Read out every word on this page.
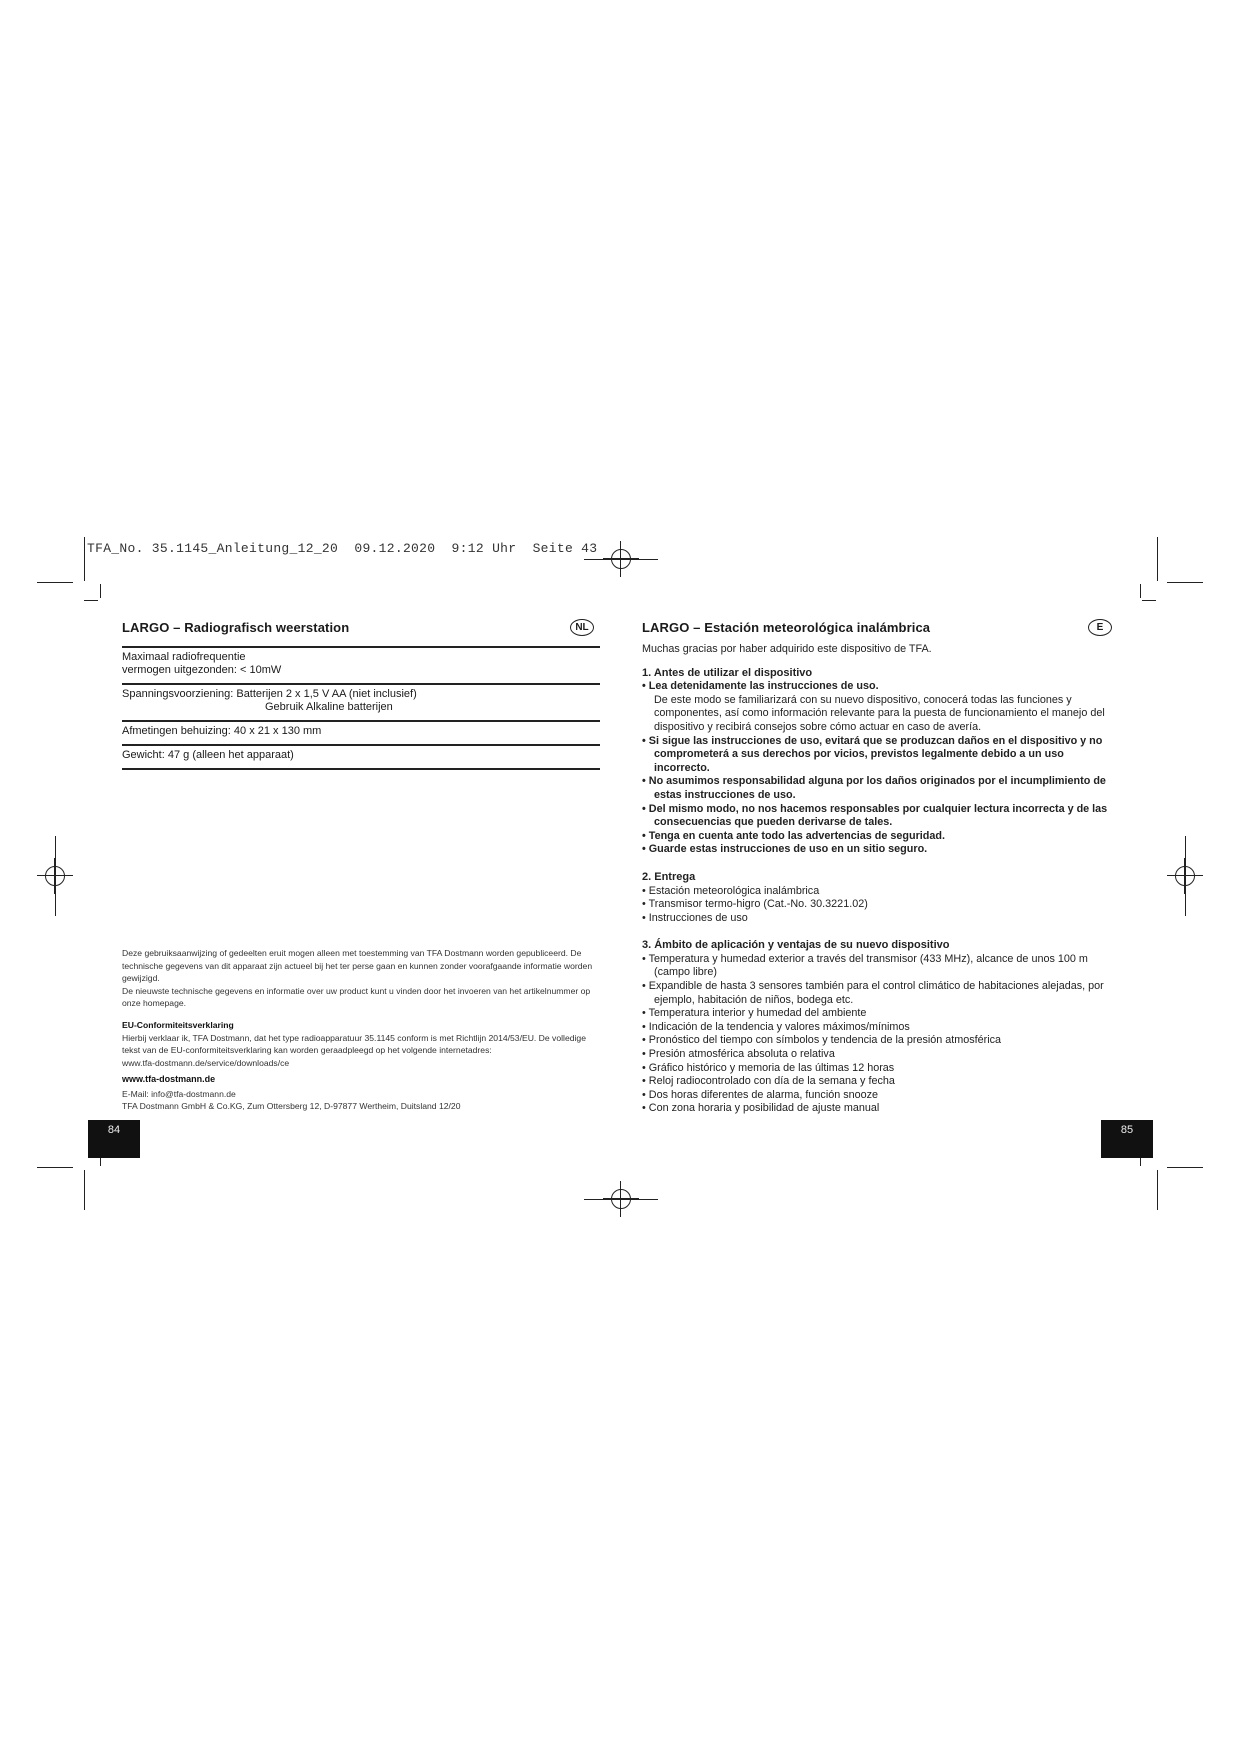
TFA_No. 35.1145_Anleitung_12_20  09.12.2020  9:12 Uhr  Seite 43
LARGO – Radiografisch weerstation	NL
Maximaal radiofrequentie
vermogen uitgezonden: < 10mW
Spanningsvoorziening: Batterijen 2 x 1,5 V AA (niet inclusief)
Gebruik Alkaline batterijen
Afmetingen behuizing: 40 x 21 x 130 mm
Gewicht: 47 g (alleen het apparaat)
Deze gebruiksaanwijzing of gedeelten eruit mogen alleen met toestemming van TFA Dostmann worden gepubliceerd. De technische gegevens van dit apparaat zijn actueel bij het ter perse gaan en kunnen zonder voorafgaande informatie worden gewijzigd.
De nieuwste technische gegevens en informatie over uw product kunt u vinden door het invoeren van het artikelnummer op onze homepage.
EU-Conformiteitsverklaring
Hierbij verklaar ik, TFA Dostmann, dat het type radioapparatuur 35.1145 conform is met Richtlijn 2014/53/EU. De volledige tekst van de EU-conformiteitsverklaring kan worden geraadpleegd op het volgende internetadres:
www.tfa-dostmann.de/service/downloads/ce
www.tfa-dostmann.de
E-Mail: info@tfa-dostmann.de
TFA Dostmann GmbH & Co.KG, Zum Ottersberg 12, D-97877 Wertheim, Duitsland 12/20
84
LARGO – Estación meteorológica inalámbrica	E

Muchas gracias por haber adquirido este dispositivo de TFA.

1. Antes de utilizar el dispositivo

• Lea detenidamente las instrucciones de uso.

De este modo se familiarizará con su nuevo dispositivo, conocerá todas las funciones y componentes, así como información relevante para la puesta de funcionamiento el manejo del dispositivo y recibirá consejos sobre cómo actuar en caso de avería.

• Si sigue las instrucciones de uso, evitará que se produzcan daños en el dispositivo y no comprometerá a sus derechos por vicios, previstos legalmente debido a un uso incorrecto.

• No asumimos responsabilidad alguna por los daños originados por el incumplimiento de estas instrucciones de uso.

• Del mismo modo, no nos hacemos responsables por cualquier lectura incorrecta y de las consecuencias que pueden derivarse de tales.

• Tenga en cuenta ante todo las advertencias de seguridad.

• Guarde estas instrucciones de uso en un sitio seguro.

2. Entrega

• Estación meteorológica inalámbrica

• Transmisor termo-higro (Cat.-No. 30.3221.02)

• Instrucciones de uso

3. Ámbito de aplicación y ventajas de su nuevo dispositivo

• Temperatura y humedad exterior a través del transmisor (433 MHz), alcance de unos 100 m (campo libre)

• Expandible de hasta 3 sensores también para el control climático de habitaciones alejadas, por ejemplo, habitación de niños, bodega etc.

• Temperatura interior y humedad del ambiente

• Indicación de la tendencia y valores máximos/mínimos

• Pronóstico del tiempo con símbolos y tendencia de la presión atmosférica

• Presión atmosférica absoluta o relativa

• Gráfico histórico y memoria de las últimas 12 horas

• Reloj radiocontrolado con día de la semana y fecha

• Dos horas diferentes de alarma, función snooze

• Con zona horaria y posibilidad de ajuste manual

85
